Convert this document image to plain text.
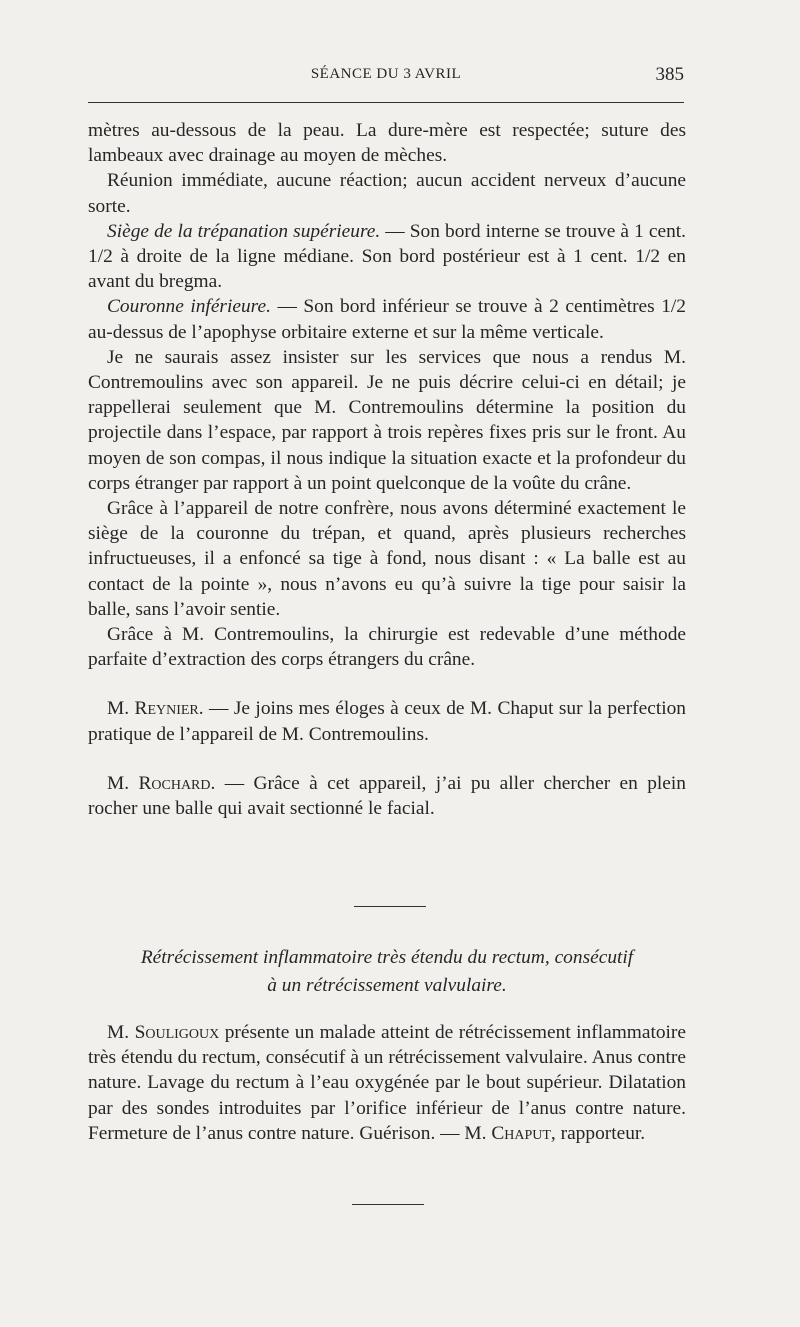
SÉANCE DU 3 AVRIL	385

mètres au-dessous de la peau. La dure-mère est respectée; suture des lambeaux avec drainage au moyen de mèches.

Réunion immédiate, aucune réaction; aucun accident nerveux d’aucune sorte.

Siège de la trépanation supérieure. — Son bord interne se trouve à 1 cent. 1/2 à droite de la ligne médiane. Son bord postérieur est à 1 cent. 1/2 en avant du bregma.

Couronne inférieure. — Son bord inférieur se trouve à 2 centimètres 1/2 au-dessus de l’apophyse orbitaire externe et sur la même verticale.

Je ne saurais assez insister sur les services que nous a rendus M. Contremoulins avec son appareil. Je ne puis décrire celui-ci en détail; je rappellerai seulement que M. Contremoulins détermine la position du projectile dans l’espace, par rapport à trois repères fixes pris sur le front. Au moyen de son compas, il nous indique la situation exacte et la profondeur du corps étranger par rapport à un point quelconque de la voûte du crâne.

Grâce à l’appareil de notre confrère, nous avons déterminé exactement le siège de la couronne du trépan, et quand, après plusieurs recherches infructueuses, il a enfoncé sa tige à fond, nous disant : « La balle est au contact de la pointe », nous n’avons eu qu’à suivre la tige pour saisir la balle, sans l’avoir sentie.

Grâce à M. Contremoulins, la chirurgie est redevable d’une méthode parfaite d’extraction des corps étrangers du crâne.

M. Reynier. — Je joins mes éloges à ceux de M. Chaput sur la perfection pratique de l’appareil de M. Contremoulins.

M. Rochard. — Grâce à cet appareil, j’ai pu aller chercher en plein rocher une balle qui avait sectionné le facial.

Rétrécissement inflammatoire très étendu du rectum, consécutif
à un rétrécissement valvulaire.

M. Souligoux présente un malade atteint de rétrécissement inflammatoire très étendu du rectum, consécutif à un rétrécissement valvulaire. Anus contre nature. Lavage du rectum à l’eau oxygénée par le bout supérieur. Dilatation par des sondes introduites par l’orifice inférieur de l’anus contre nature. Fermeture de l’anus contre nature. Guérison. — M. Chaput, rapporteur.
